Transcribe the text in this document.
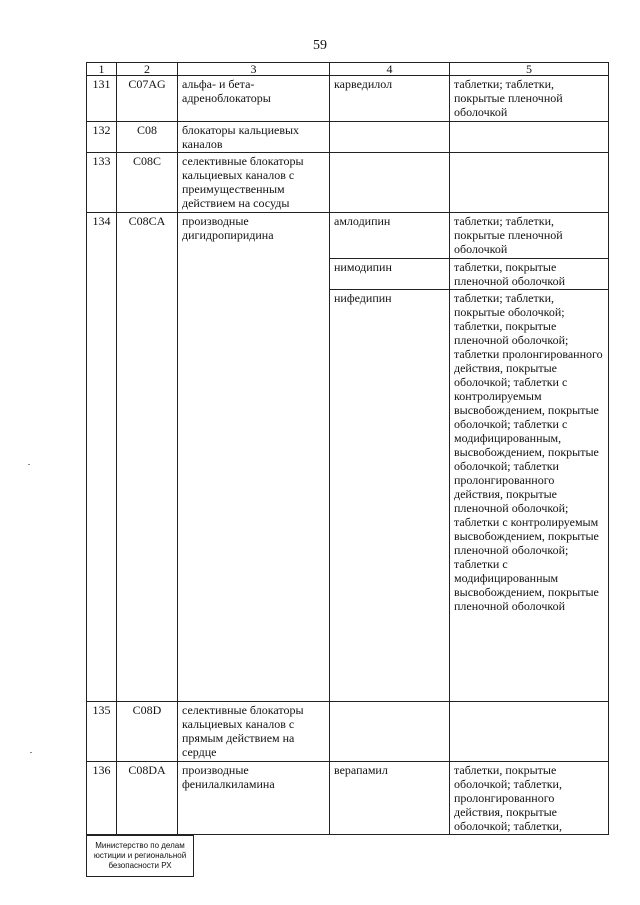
59
1	2	3	4	5
131	C07AG	альфа- и бета-адреноблокаторы	карведилол	таблетки; таблетки, покрытые пленочной оболочкой
132	C08	блокаторы кальциевых каналов		
133	C08C	селективные блокаторы кальциевых каналов с преимущественным действием на сосуды		
134	C08CA	производные дигидропиридина	амлодипин	таблетки; таблетки, покрытые пленочной оболочкой
			нимодипин	таблетки, покрытые пленочной оболочкой
			нифедипин	таблетки; таблетки, покрытые оболочкой; таблетки, покрытые пленочной оболочкой; таблетки пролонгированного действия, покрытые оболочкой; таблетки с контролируемым высвобождением, покрытые оболочкой; таблетки с модифицированным, высвобождением, покрытые оболочкой; таблетки пролонгированного действия, покрытые пленочной оболочкой; таблетки с контролируемым высвобождением, покрытые пленочной оболочкой; таблетки с модифицированным высвобождением, покрытые пленочной оболочкой
135	C08D	селективные блокаторы кальциевых каналов с прямым действием на сердце		
136	C08DA	производные фенилалкиламина	верапамил	таблетки, покрытые оболочкой; таблетки, пролонгированного действия, покрытые оболочкой; таблетки,
Министерство по делам
юстиции и региональной
безопасности РХ
